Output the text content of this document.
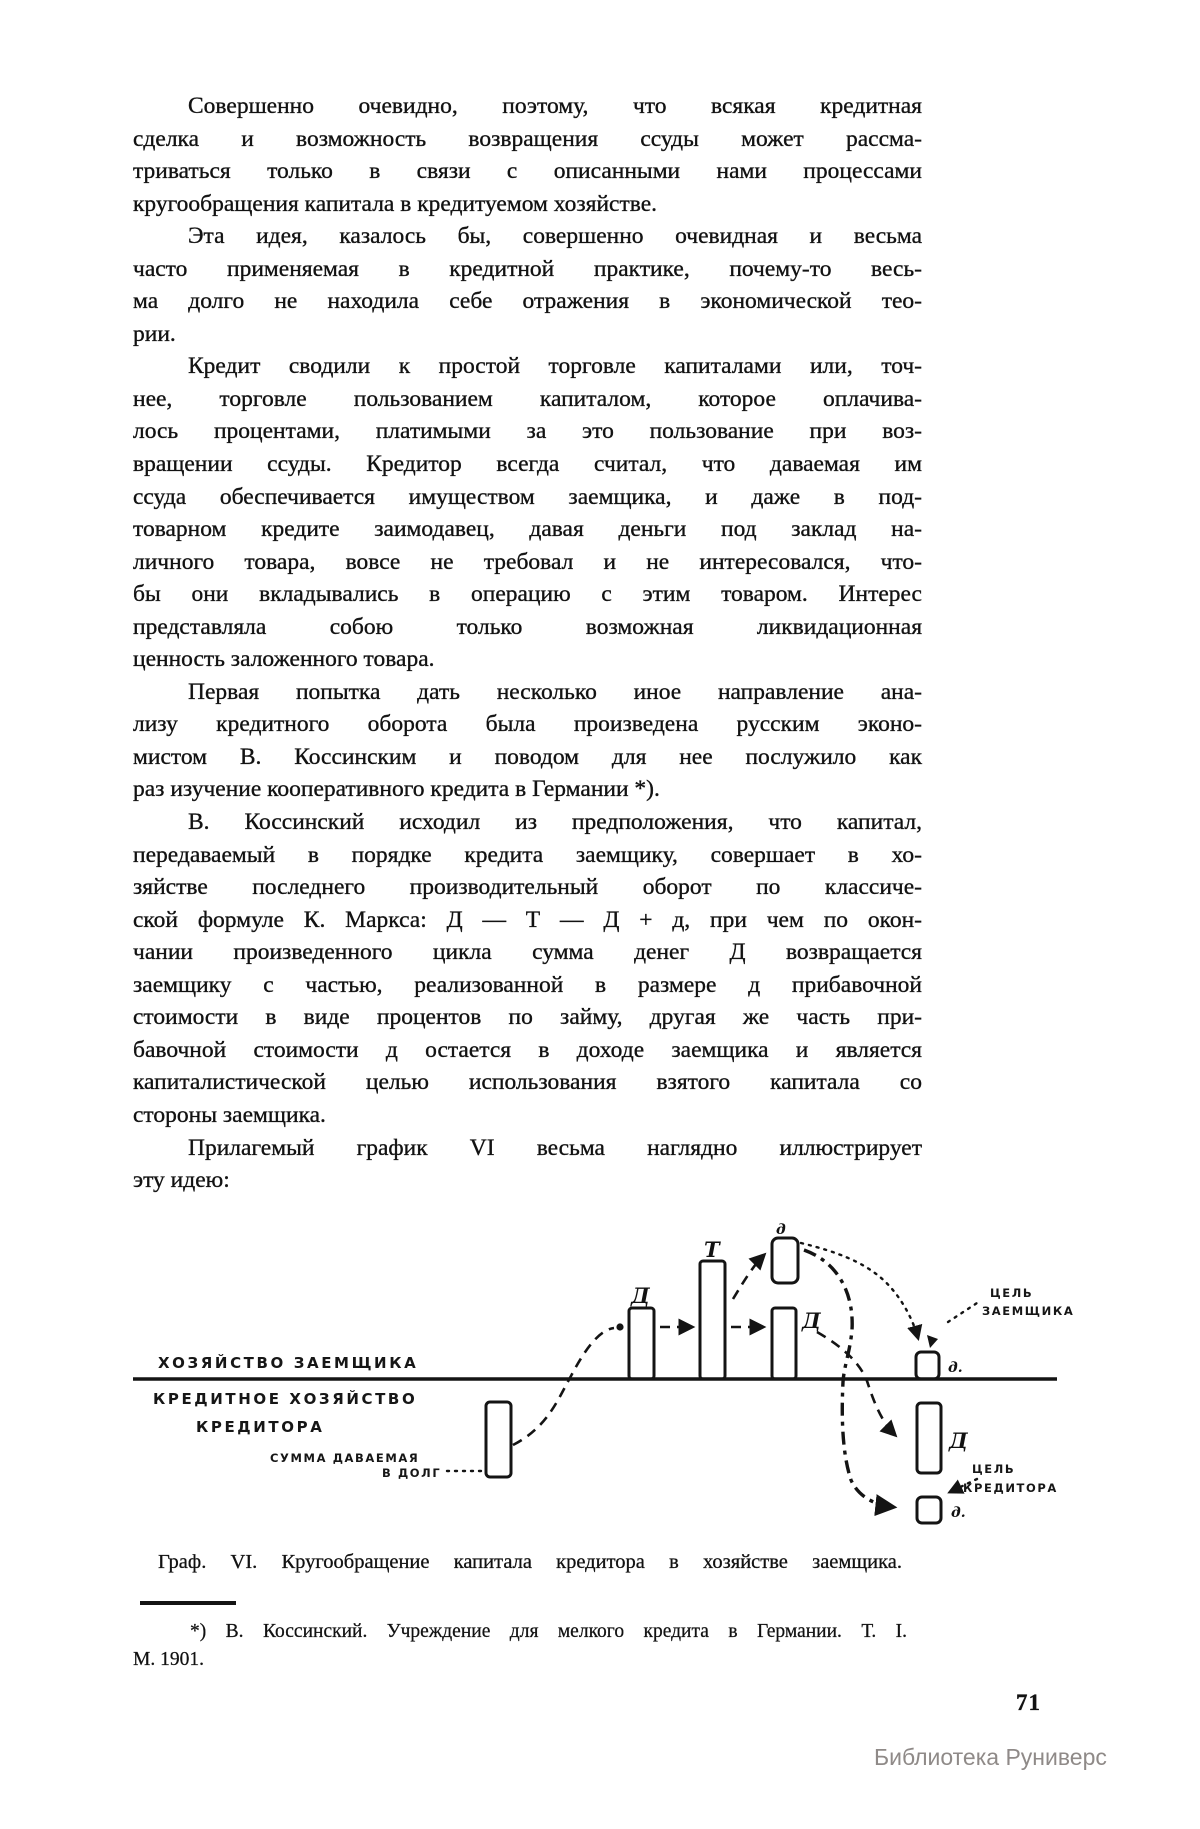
Совершенно очевидно, поэтому, что всякая кредитная
сделка и возможность возвращения ссуды может рассма-
триваться только в связи с описанными нами процессами
кругообращения капитала в кредитуемом хозяйстве.
Эта идея, казалось бы, совершенно очевидная и весьма
часто применяемая в кредитной практике, почему-то весь-
ма долго не находила себе отражения в экономической тео-
рии.
Кредит сводили к простой торговле капиталами или, точ-
нее, торговле пользованием капиталом, которое оплачива-
лось процентами, платимыми за это пользование при воз-
вращении ссуды. Кредитор всегда считал, что даваемая им
ссуда обеспечивается имуществом заемщика, и даже в под-
товарном кредите заимодавец, давая деньги под заклад на-
личного товара, вовсе не требовал и не интересовался, что-
бы они вкладывались в операцию с этим товаром. Интерес
представляла собою только возможная ликвидационная
ценность заложенного товара.
Первая попытка дать несколько иное направление ана-
лизу кредитного оборота была произведена русским эконо-
мистом В. Коссинским и поводом для нее послужило как
раз изучение кооперативного кредита в Германии *).
В. Коссинский исходил из предположения, что капитал,
передаваемый в порядке кредита заемщику, совершает в хо-
зяйстве последнего производительный оборот по классиче-
ской формуле К. Маркса: Д — Т — Д + д, при чем по окон-
чании произведенного цикла сумма денег Д возвращается
заемщику с частью, реализованной в размере д прибавочной
стоимости в виде процентов по займу, другая же часть при-
бавочной стоимости д остается в доходе заемщика и является
капиталистической целью использования взятого капитала со
стороны заемщика.
Прилагемый график VI весьма наглядно иллюстрирует
эту идею:
ХОЗЯЙСТВО ЗАЕМЩИКА
КРЕДИТНОЕ ХОЗЯЙСТВО
КРЕДИТОРА
СУММА ДАВАЕМАЯ
В ДОЛГ
ЦЕЛЬ
ЗАЕМЩИКА
ЦЕЛЬ
КРЕДИТОРА
Д
Т
д
Д
д.
Д
д.
Граф. VI. Кругообращение капитала кредитора в хозяйстве заемщика.
*) В. Коссинский. Учреждение для мелкого кредита в Германии. Т. I.
М. 1901.
71
Библиотека Руниверс
